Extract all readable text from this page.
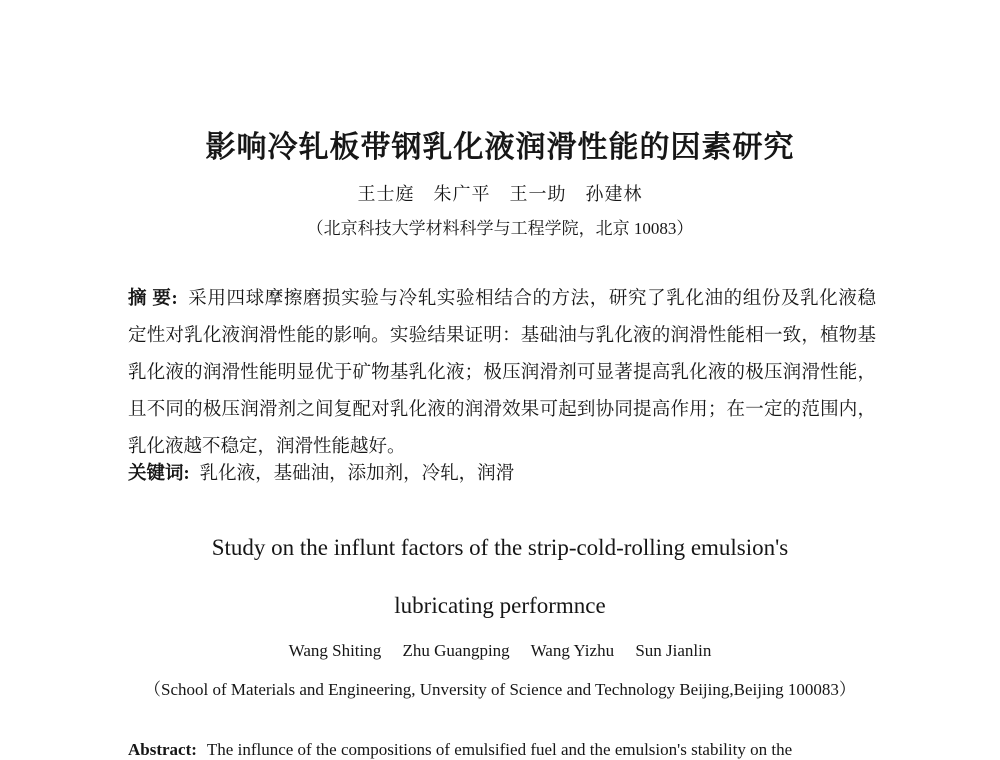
影响冷轧板带钢乳化液润滑性能的因素研究
王士庭　朱广平　王一助　孙建林
（北京科技大学材料科学与工程学院，北京 10083）
摘 要: 采用四球摩擦磨损实验与冷轧实验相结合的方法，研究了乳化油的组份及乳化液稳
定性对乳化液润滑性能的影响。实验结果证明：基础油与乳化液的润滑性能相一致，植物基
乳化液的润滑性能明显优于矿物基乳化液；极压润滑剂可显著提高乳化液的极压润滑性能，
且不同的极压润滑剂之间复配对乳化液的润滑效果可起到协同提高作用；在一定的范围内，
乳化液越不稳定，润滑性能越好。
关键词: 乳化液，基础油，添加剂，冷轧，润滑
Study on the influnt factors of the strip-cold-rolling emulsion's
lubricating performnce
Wang Shiting     Zhu Guangping     Wang Yizhu     Sun Jianlin
（School of Materials and Engineering, Unversity of Science and Technology Beijing,Beijing 100083）
Abstract: The influnce of the compositions of emulsified fuel and the emulsion's stability on the
